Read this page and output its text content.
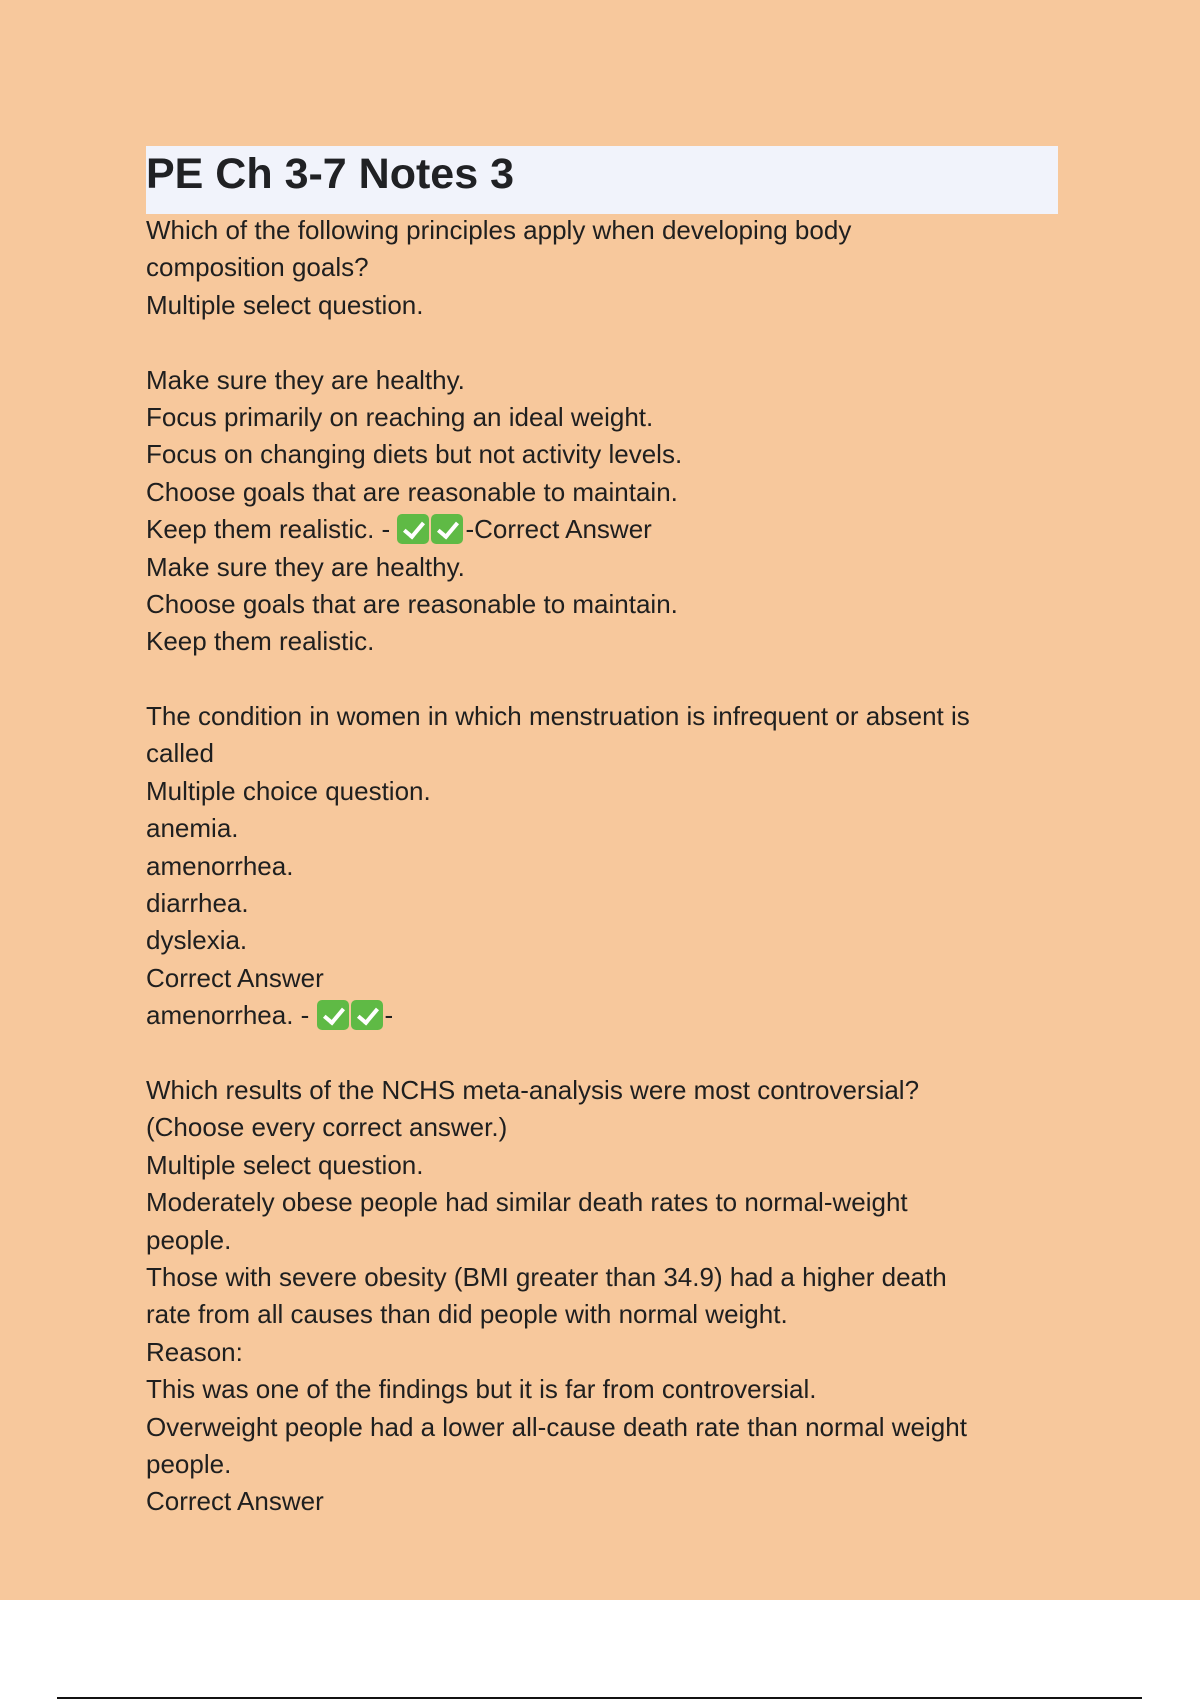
PE Ch 3-7 Notes 3
Which of the following principles apply when developing body
composition goals?
Multiple select question.
Make sure they are healthy.
Focus primarily on reaching an ideal weight.
Focus on changing diets but not activity levels.
Choose goals that are reasonable to maintain.
Keep them realistic. -	-Correct Answer
Make sure they are healthy.
Choose goals that are reasonable to maintain.
Keep them realistic.
The condition in women in which menstruation is infrequent or absent is
called
Multiple choice question.
anemia.
amenorrhea.
diarrhea.
dyslexia.
Correct Answer
amenorrhea. -	-
Which results of the NCHS meta-analysis were most controversial?
(Choose every correct answer.)
Multiple select question.
Moderately obese people had similar death rates to normal-weight
people.
Those with severe obesity (BMI greater than 34.9) had a higher death
rate from all causes than did people with normal weight.
Reason:
This was one of the findings but it is far from controversial.
Overweight people had a lower all-cause death rate than normal weight
people.
Correct Answer
